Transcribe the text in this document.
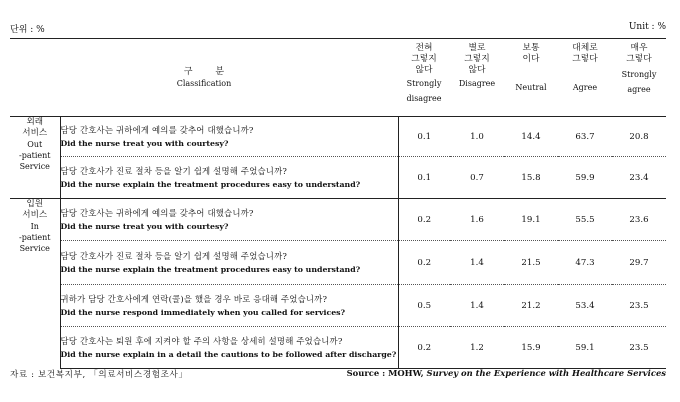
단위 : %	Unit : %
구 분
Classification		전혀
그렇지
않다
Strongly
disagree	별로
그렇지
않다
Disagree	보통
이다
Neutral	대체로
그렇다
Agree	매우
그렇다
Strongly
agree

외래
서비스
Out
-patient
Service	담당 간호사는 귀하에게 예의를 갖추어 대했습니까?
Did the nurse treat you with courtesy?	0.1	1.0	14.4	63.7	20.8

	담당 간호사가 진료 절차 등을 알기 쉽게 설명해 주었습니까?
Did the nurse explain the treatment procedures easy to understand?	0.1	0.7	15.8	59.9	23.4
입원
서비스
In
-patient
Service	담당 간호사는 귀하에게 예의를 갖추어 대했습니까?
Did the nurse treat you with courtesy?	0.2	1.6	19.1	55.5	23.6

	담당 간호사가 진료 절차 등을 알기 쉽게 설명해 주었습니까?
Did the nurse explain the treatment procedures easy to understand?	0.2	1.4	21.5	47.3	29.7

	귀하가 담당 간호사에게 연락(콜)을 했을 경우 바로 응대해 주었습니까?
Did the nurse respond immediately when you called for services?	0.5	1.4	21.2	53.4	23.5

	담당 간호사는 퇴원 후에 지켜야 할 주의 사항을 상세히 설명해 주었습니까?
Did the nurse explain in a detail the cautions to be followed after discharge?	0.2	1.2	15.9	59.1	23.5
자료 : 보건복지부, 「의료서비스경험조사」	Source : MOHW, Survey on the Experience with Healthcare Services
